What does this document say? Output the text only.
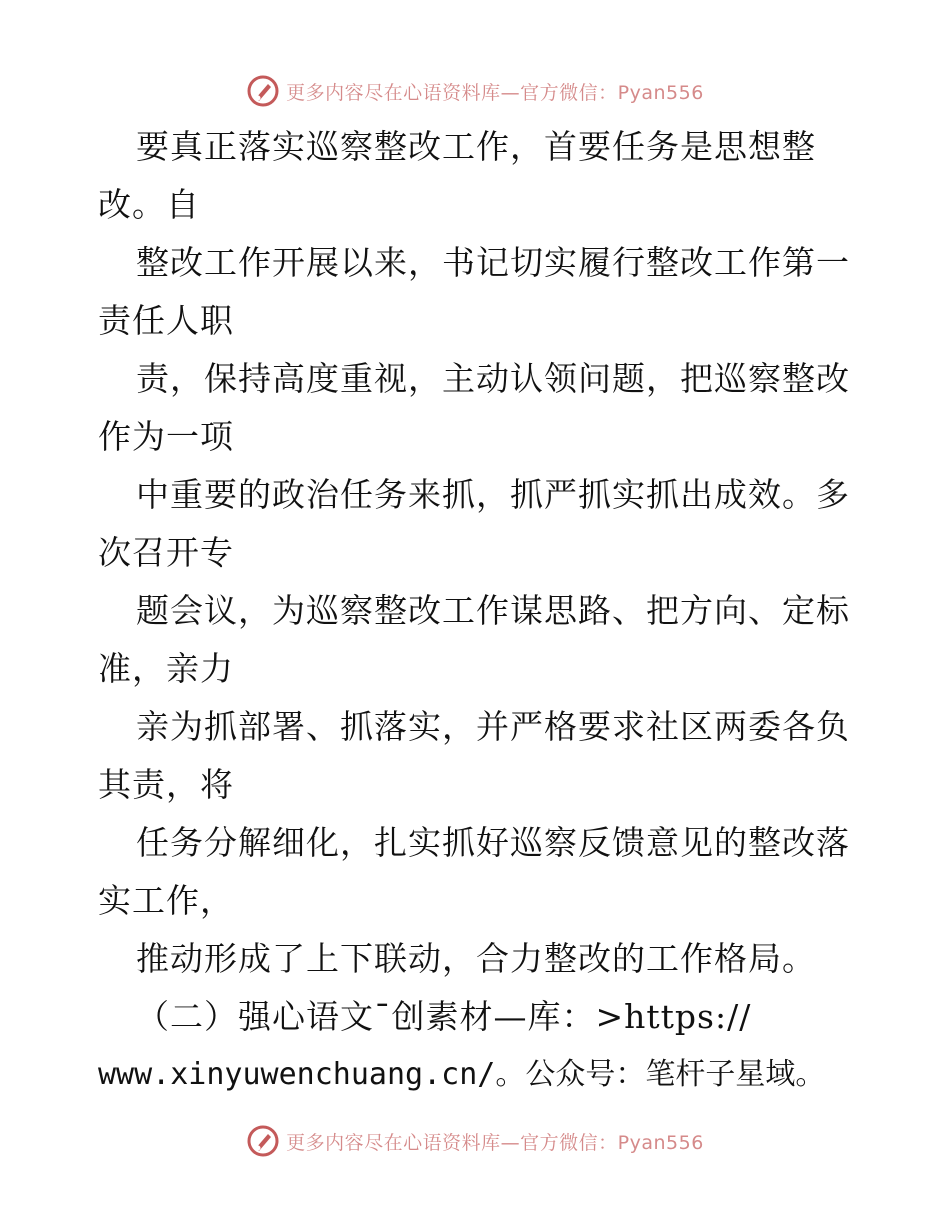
更多内容尽在心语资料库—官方微信：Pyan556
要真正落实巡察整改工作，首要任务是思想整
改。自
整改工作开展以来，书记切实履行整改工作第一
责任人职
责，保持高度重视，主动认领问题，把巡察整改
作为一项
中重要的政治任务来抓，抓严抓实抓出成效。多
次召开专
题会议，为巡察整改工作谋思路、把方向、定标
准，亲力
亲为抓部署、抓落实，并严格要求社区两委各负
其责，将
任务分解细化，扎实抓好巡察反馈意见的整改落
实工作，
推动形成了上下联动，合力整改的工作格局。
（二）强心语文¯创素材—库：>https://
www.xinyuwenchuang.cn/。公众号：笔杆子星域。
更多内容尽在心语资料库—官方微信：Pyan556
